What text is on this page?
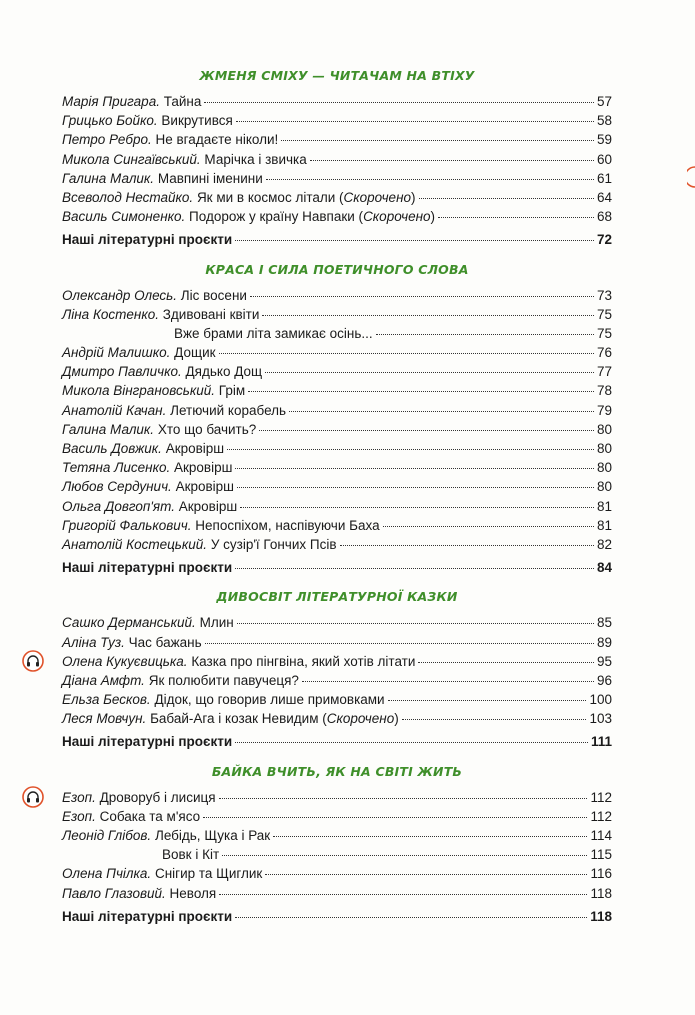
ЖМЕНЯ СМІХУ — ЧИТАЧАМ НА ВТІХУ
Марія Пригара. Тайна	57
Грицько Бойко. Викрутився	58
Петро Ребро. Не вгадаєте ніколи!	59
Микола Сингаївський. Марічка і звичка	60
Галина Малик. Мавпині іменини	61
Всеволод Нестайко. Як ми в космос літали (Скорочено)	64
Василь Симоненко. Подорож у країну Навпаки (Скорочено)	68
Наші літературні проєкти	72
КРАСА І СИЛА ПОЕТИЧНОГО СЛОВА
Олександр Олесь. Ліс восени	73
Ліна Костенко. Здивовані квіти	75
Вже брами літа замикає осінь...	75
Андрій Малишко. Дощик	76
Дмитро Павличко. Дядько Дощ	77
Микола Вінграновський. Грім	78
Анатолій Качан. Летючий корабель	79
Галина Малик. Хто що бачить?	80
Василь Довжик. Акровірш	80
Тетяна Лисенко. Акровірш	80
Любов Сердунич. Акровірш	80
Ольга Довгоп'ят. Акровірш	81
Григорій Фалькович. Непоспіхом, наспівуючи Баха	81
Анатолій Костецький. У сузір'ї Гончих Псів	82
Наші літературні проєкти	84
ДИВОСВІТ ЛІТЕРАТУРНОЇ КАЗКИ
Сашко Дерманський. Млин	85
Аліна Туз. Час бажань	89
Олена Кукуєвицька. Казка про пінгвіна, який хотів літати	95
Діана Амфт. Як полюбити павучеця?	96
Ельза Бесков. Дідок, що говорив лише примовками	100
Леся Мовчун. Бабай-Ага і козак Невидим (Скорочено)	103
Наші літературні проєкти	111
БАЙКА ВЧИТЬ, ЯК НА СВІТІ ЖИТЬ
Езоп. Дроворуб і лисиця	112
Езоп. Собака та м'ясо	112
Леонід Глібов. Лебідь, Щука і Рак	114
Вовк і Кіт	115
Олена Пчілка. Снігир та Щиглик	116
Павло Глазовий. Неволя	118
Наші літературні проєкти	118
